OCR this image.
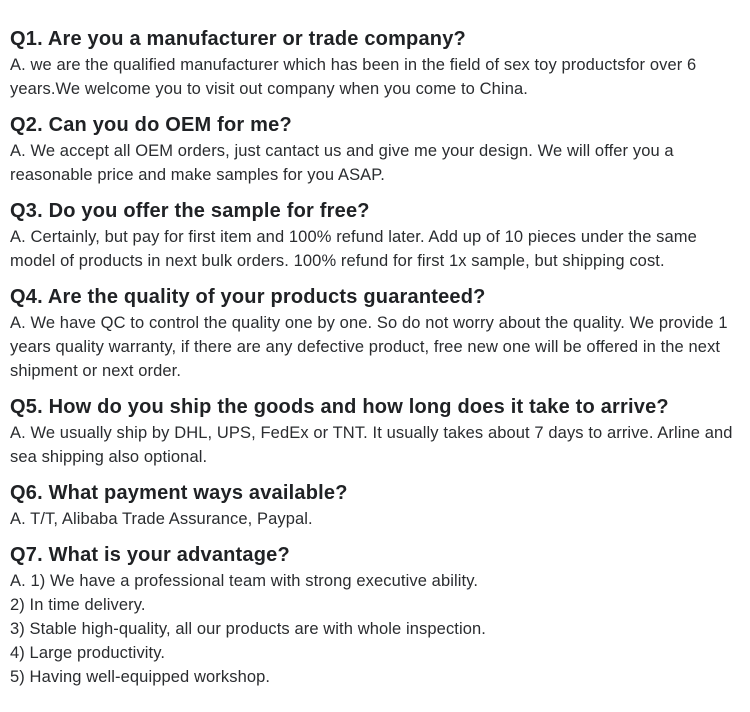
Q1. Are you a manufacturer or trade company?

A. we are the qualified manufacturer which has been in the field of sex toy productsfor over 6 years.We welcome you to visit out company when you come to China.

Q2. Can you do OEM for me?

A. We accept all OEM orders, just cantact us and give me your design. We will offer you a reasonable price and make samples for you ASAP.

Q3. Do you offer the sample for free?

A. Certainly, but pay for first item and 100% refund later. Add up of 10 pieces under the same model of products in next bulk orders. 100% refund for first 1x sample, but shipping cost.

Q4. Are the quality of your products guaranteed?

A. We have QC to control the quality one by one. So do not worry about the quality. We provide 1 years quality warranty, if there are any defective product, free new one will be offered in the next shipment or next order.

Q5. How do you ship the goods and how long does it take to arrive?

A. We usually ship by DHL, UPS, FedEx or TNT. It usually takes about 7 days to arrive. Arline and sea shipping also optional.

Q6. What payment ways available?

A. T/T, Alibaba Trade Assurance, Paypal.

Q7. What is your advantage?

A. 1) We have a professional team with strong executive ability.

2) In time delivery.

3) Stable high-quality, all our products are with whole inspection.

4) Large productivity.

5) Having well-equipped workshop.
